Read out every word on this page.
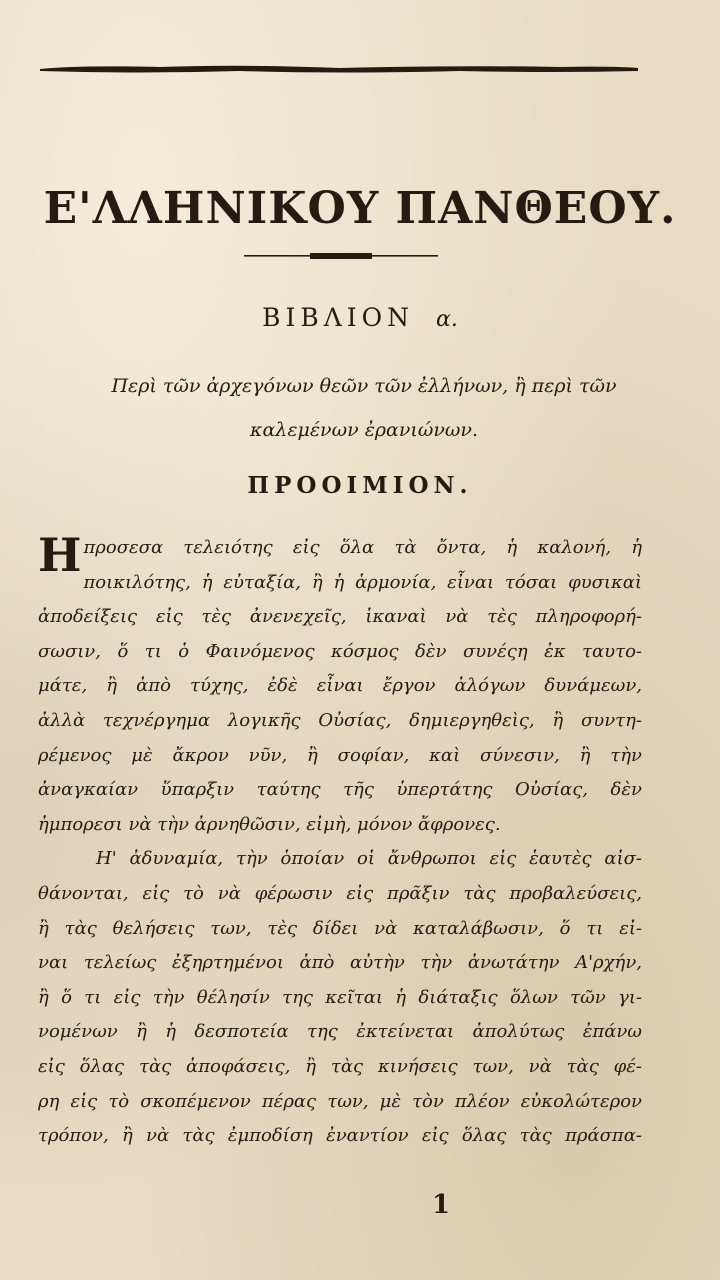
Ε'ΛΛΗΝΙΚΟΥ ΠΑΝΘΕΟΥ.
ΒΙΒΛΙΟΝ α.
Περὶ τῶν ἀρχεγόνων θεῶν τῶν ἐλλήνων, ἢ περὶ τῶν
καλεμένων ἐρανιώνων.
ΠΡΟΟΙΜΙΟΝ.
Η προσεσα τελειότης εἰς ὅλα τὰ ὄντα, ἡ καλονή, ἡ
ποικιλότης, ἡ εὐταξία, ἢ ἡ ἁρμονία, εἶναι τόσαι φυσικαὶ
ἀποδείξεις εἰς τὲς ἀνενεχεῖς, ἱκαναὶ νὰ τὲς πληροφορή-
σωσιν, ὅ τι ὁ Φαινόμενος κόσμος δὲν συνέςη ἐκ ταυτο-
μάτε, ἢ ἀπὸ τύχης, ἐδὲ εἶναι ἔργον ἀλόγων δυνάμεων,
ἀλλὰ τεχνέργημα λογικῆς Οὐσίας, δημιεργηθεὶς, ἢ συντη-
ρέμενος μὲ ἄκρον νῦν, ἢ σοφίαν, καὶ σύνεσιν, ἢ τὴν
ἀναγκαίαν ὕπαρξιν ταύτης τῆς ὑπερτάτης Οὐσίας, δὲν
ἠμπορεσι νὰ τὴν ἀρνηθῶσιν, εἰμὴ, μόνον ἄφρονες.
Η' ἀδυναμία, τὴν ὁποίαν οἱ ἄνθρωποι εἰς ἑαυτὲς αἰσ-
θάνονται, εἰς τὸ νὰ φέρωσιν εἰς πρᾶξιν τὰς προβαλεύσεις,
ἢ τὰς θελήσεις των, τὲς δίδει νὰ καταλάβωσιν, ὅ τι εἰ-
ναι τελείως ἐξηρτημένοι ἀπὸ αὐτὴν τὴν ἀνωτάτην Α'ρχήν,
ἢ ὅ τι εἰς τὴν θέλησίν της κεῖται ἡ διάταξις ὅλων τῶν γι-
νομένων ἢ ἡ δεσποτεία της ἐκτείνεται ἀπολύτως ἐπάνω
εἰς ὅλας τὰς ἀποφάσεις, ἢ τὰς κινήσεις των, νὰ τὰς φέ-
ρη εἰς τὸ σκοπέμενον πέρας των, μὲ τὸν πλέον εὐκολώτερον
τρόπον, ἢ νὰ τὰς ἐμποδίση ἐναντίον εἰς ὅλας τὰς πράσπα-
1
